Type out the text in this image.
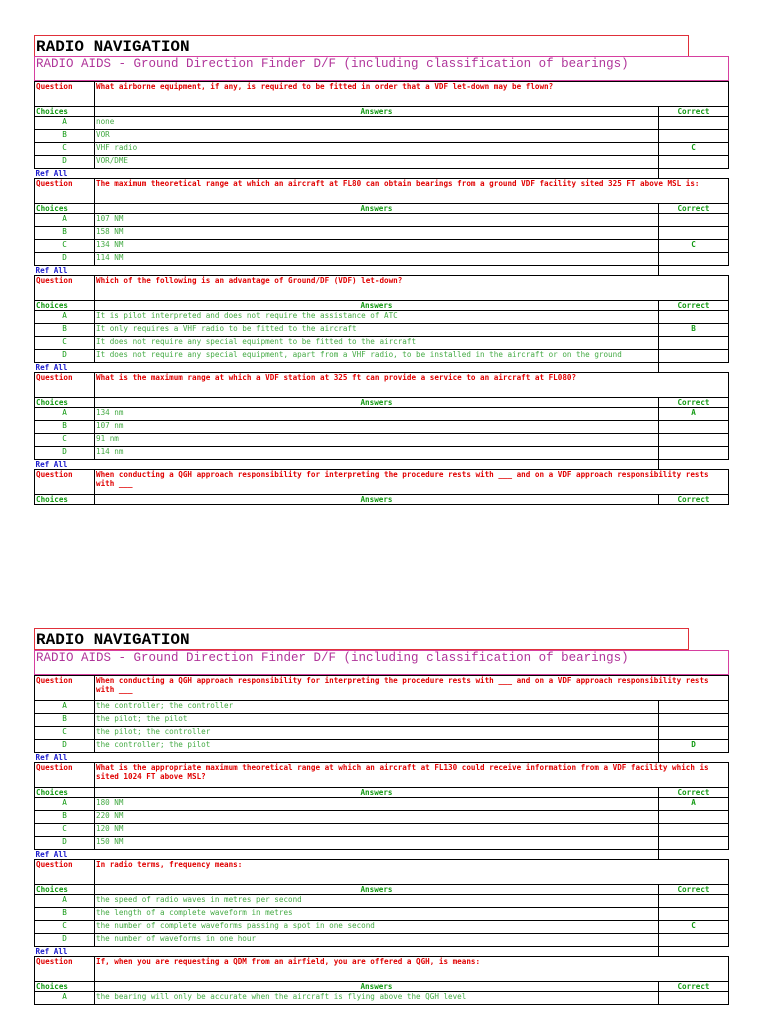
RADIO NAVIGATION
RADIO AIDS - Ground Direction Finder D/F (including classification of bearings)
Question	What airborne equipment, if any, is required to be fitted in order that a VDF let-down may be flown?	
Choices	Answers	Correct
A	none	
B	VOR	
C	VHF radio	C
D	VOR/DME	
Ref All		
Question	The maximum theoretical range at which an aircraft at FL80 can obtain bearings from a ground VDF facility sited 325 FT above MSL is:	
Choices	Answers	Correct
A	107 NM	
B	158 NM	
C	134 NM	C
D	114 NM	
Ref All		
Question	Which of the following is an advantage of Ground/DF (VDF) let-down?	
Choices	Answers	Correct
A	It is pilot interpreted and does not require the assistance of ATC	
B	It only requires a VHF radio to be fitted to the aircraft	B
C	It does not require any special equipment to be fitted to the aircraft	
D	It does not require any special equipment, apart from a VHF radio, to be installed in the aircraft or on the ground	
Ref All		
Question	What is the maximum range at which a VDF station at 325 ft can provide a service to an aircraft at FL080?	
Choices	Answers	Correct
A	134 nm	A
B	107 nm	
C	91 nm	
D	114 nm	
Ref All		
Question	When conducting a QGH approach responsibility for interpreting the procedure rests with ___ and on a VDF approach responsibility rests with ___	
Choices	Answers	Correct
RADIO NAVIGATION
RADIO AIDS - Ground Direction Finder D/F (including classification of bearings)
Question	When conducting a QGH approach responsibility for interpreting the procedure rests with ___ and on a VDF approach responsibility rests with ___	
A	the controller; the controller	
B	the pilot; the pilot	
C	the pilot; the controller	
D	the controller; the pilot	D
Ref All		
Question	What is the appropriate maximum theoretical range at which an aircraft at FL130 could receive information from a VDF facility which is sited 1024 FT above MSL?	
Choices	Answers	Correct
A	180 NM	A
B	220 NM	
C	120 NM	
D	150 NM	
Ref All		
Question	In radio terms, frequency means:	
Choices	Answers	Correct
A	the speed of radio waves in metres per second	
B	the length of a complete waveform in metres	
C	the number of complete waveforms passing a spot in one second	C
D	the number of waveforms in one hour	
Ref All		
Question	If, when you are requesting a QDM from an airfield, you are offered a QGH, is means:	
Choices	Answers	Correct
A	the bearing will only be accurate when the aircraft is flying above the QGH level	
